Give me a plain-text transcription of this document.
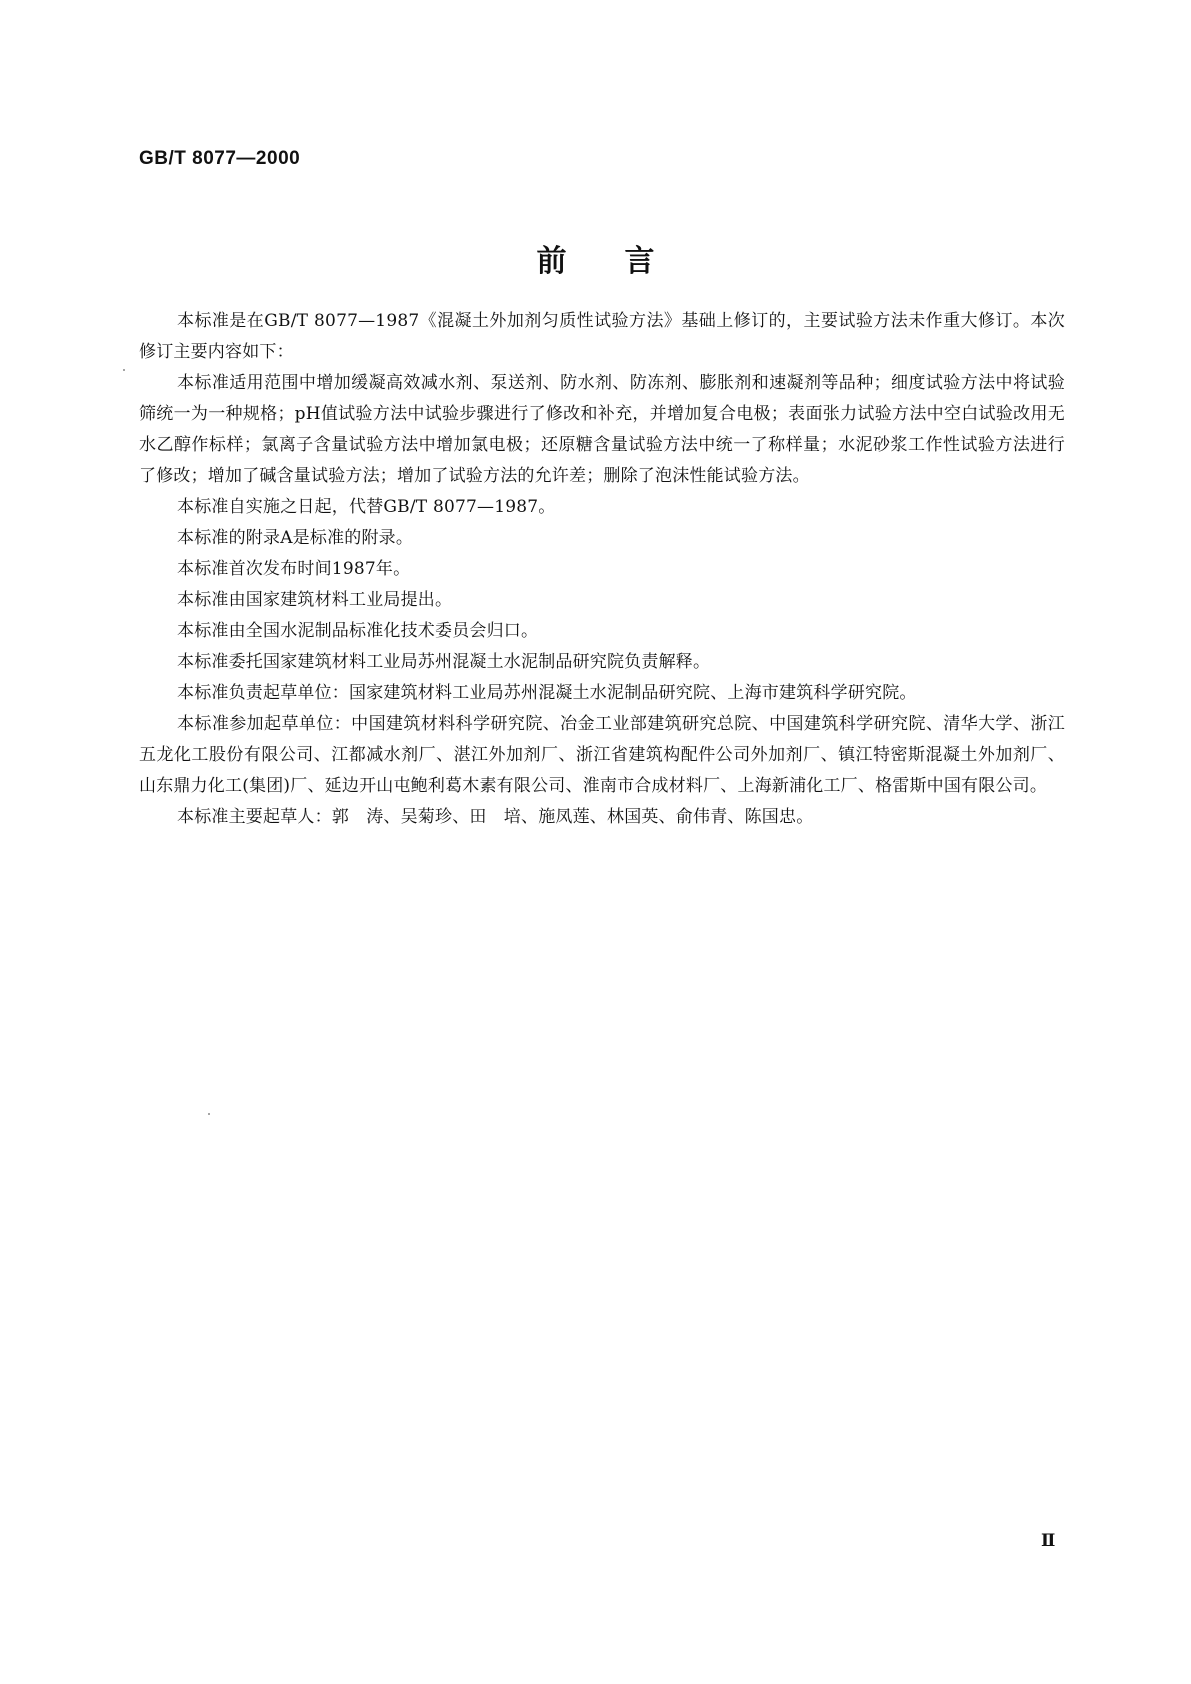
GB/T 8077—2000
前言

本标准是在GB/T 8077—1987《混凝土外加剂匀质性试验方法》基础上修订的，主要试验方法未作重大修订。本次修订主要内容如下：

本标准适用范围中增加缓凝高效减水剂、泵送剂、防水剂、防冻剂、膨胀剂和速凝剂等品种；细度试验方法中将试验筛统一为一种规格；pH值试验方法中试验步骤进行了修改和补充，并增加复合电极；表面张力试验方法中空白试验改用无水乙醇作标样；氯离子含量试验方法中增加氯电极；还原糖含量试验方法中统一了称样量；水泥砂浆工作性试验方法进行了修改；增加了碱含量试验方法；增加了试验方法的允许差；删除了泡沫性能试验方法。

本标准自实施之日起，代替GB/T 8077—1987。

本标准的附录A是标准的附录。

本标准首次发布时间1987年。

本标准由国家建筑材料工业局提出。

本标准由全国水泥制品标准化技术委员会归口。

本标准委托国家建筑材料工业局苏州混凝土水泥制品研究院负责解释。

本标准负责起草单位：国家建筑材料工业局苏州混凝土水泥制品研究院、上海市建筑科学研究院。

本标准参加起草单位：中国建筑材料科学研究院、冶金工业部建筑研究总院、中国建筑科学研究院、清华大学、浙江五龙化工股份有限公司、江都减水剂厂、湛江外加剂厂、浙江省建筑构配件公司外加剂厂、镇江特密斯混凝土外加剂厂、山东鼎力化工(集团)厂、延边开山屯鲍利葛木素有限公司、淮南市合成材料厂、上海新浦化工厂、格雷斯中国有限公司。

本标准主要起草人：郭　涛、吴菊珍、田　培、施凤莲、林国英、俞伟青、陈国忠。

Ⅱ
